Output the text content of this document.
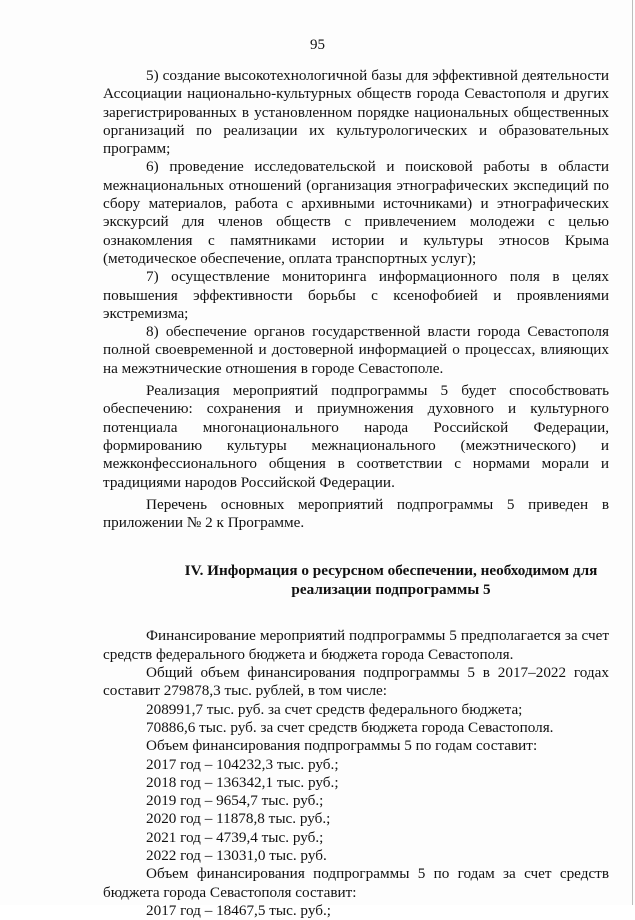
95

5) создание высокотехнологичной базы для эффективной деятельности Ассоциации национально-культурных обществ города Севастополя и других зарегистрированных в установленном порядке национальных общественных организаций по реализации их культурологических и образовательных программ;

6) проведение исследовательской и поисковой работы в области межнациональных отношений (организация этнографических экспедиций по сбору материалов, работа с архивными источниками) и этнографических экскурсий для членов обществ с привлечением молодежи с целью ознакомления с памятниками истории и культуры этносов Крыма (методическое обеспечение, оплата транспортных услуг);

7) осуществление мониторинга информационного поля в целях повышения эффективности борьбы с ксенофобией и проявлениями экстремизма;

8) обеспечение органов государственной власти города Севастополя полной своевременной и достоверной информацией о процессах, влияющих на межэтнические отношения в городе Севастополе.

Реализация мероприятий подпрограммы 5 будет способствовать обеспечению: сохранения и приумножения духовного и культурного потенциала многонационального народа Российской Федерации, формированию культуры межнационального (межэтнического) и межконфессионального общения в соответствии с нормами морали и традициями народов Российской Федерации.

Перечень основных мероприятий подпрограммы 5 приведен в приложении № 2 к Программе.

IV. Информация о ресурсном обеспечении, необходимом для реализации подпрограммы 5

Финансирование мероприятий подпрограммы 5 предполагается за счет средств федерального бюджета и бюджета города Севастополя.

Общий объем финансирования подпрограммы 5 в 2017–2022 годах составит 279878,3 тыс. рублей, в том числе:

208991,7 тыс. руб. за счет средств федерального бюджета;

70886,6 тыс. руб. за счет средств бюджета города Севастополя.

Объем финансирования подпрограммы 5 по годам составит:

2017 год – 104232,3 тыс. руб.;

2018 год – 136342,1 тыс. руб.;

2019 год – 9654,7 тыс. руб.;

2020 год – 11878,8 тыс. руб.;

2021 год – 4739,4 тыс. руб.;

2022 год – 13031,0 тыс. руб.

Объем финансирования подпрограммы 5 по годам за счет средств бюджета города Севастополя составит:

2017 год – 18467,5 тыс. руб.;
